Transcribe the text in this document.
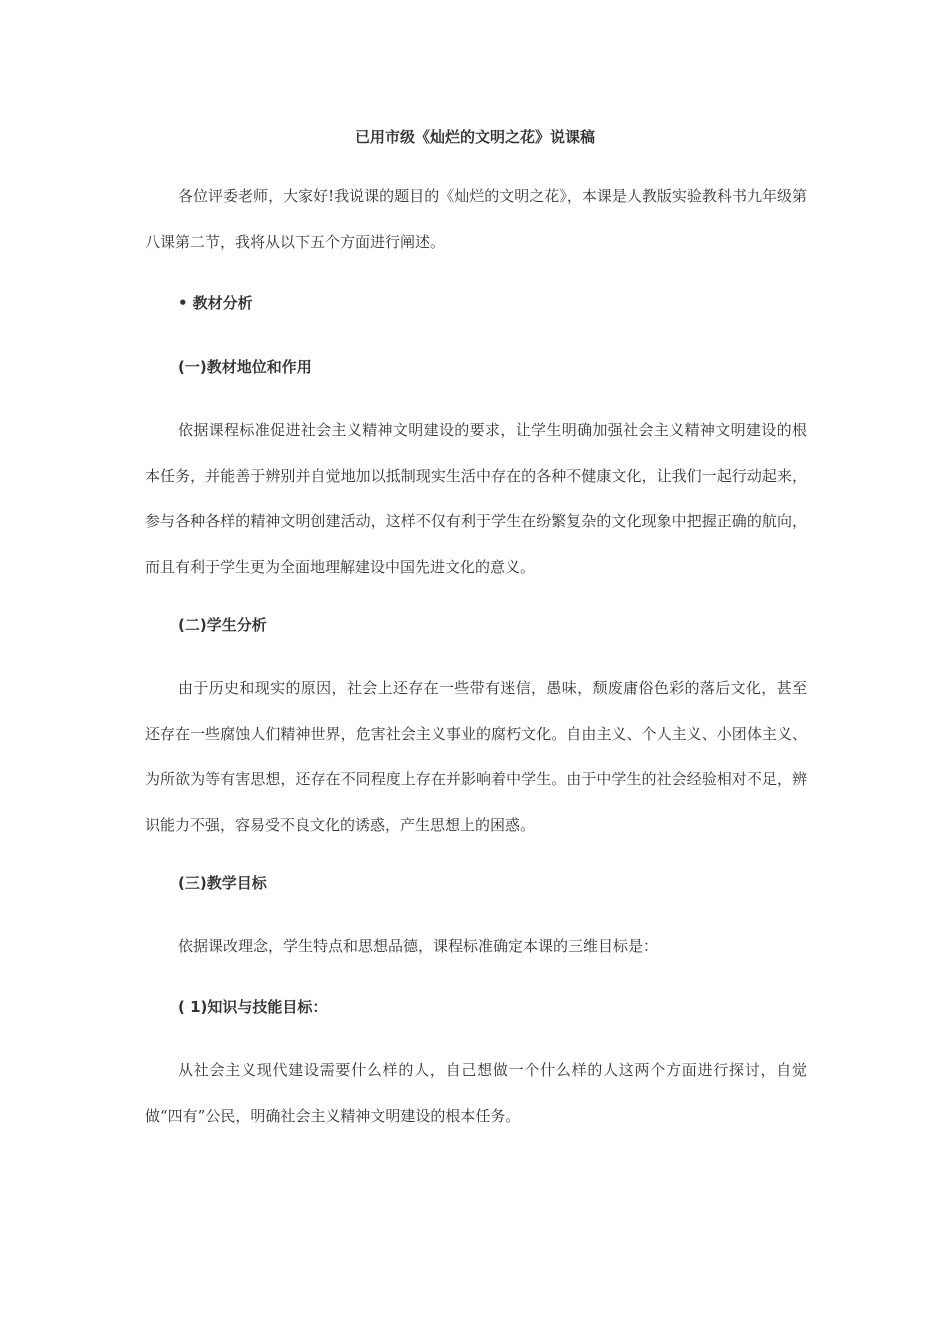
已用市级《灿烂的文明之花》说课稿

各位评委老师，大家好!我说课的题目的《灿烂的文明之花》，本课是人教版实验教科书九年级第八课第二节，我将从以下五个方面进行阐述。

• 教材分析
(一)教材地位和作用

依据课程标准促进社会主义精神文明建设的要求，让学生明确加强社会主义精神文明建设的根本任务，并能善于辨别并自觉地加以抵制现实生活中存在的各种不健康文化，让我们一起行动起来，参与各种各样的精神文明创建活动，这样不仅有利于学生在纷繁复杂的文化现象中把握正确的航向，而且有利于学生更为全面地理解建设中国先进文化的意义。

(二)学生分析

由于历史和现实的原因，社会上还存在一些带有迷信，愚味，颓废庸俗色彩的落后文化，甚至还存在一些腐蚀人们精神世界，危害社会主义事业的腐朽文化。自由主义、个人主义、小团体主义、为所欲为等有害思想，还存在不同程度上存在并影响着中学生。由于中学生的社会经验相对不足，辨识能力不强，容易受不良文化的诱惑，产生思想上的困惑。

(三)教学目标

依据课改理念，学生特点和思想品德，课程标准确定本课的三维目标是：

( 1)知识与技能目标：

从社会主义现代建设需要什么样的人，自己想做一个什么样的人这两个方面进行探讨，自觉做“四有”公民，明确社会主义精神文明建设的根本任务。
